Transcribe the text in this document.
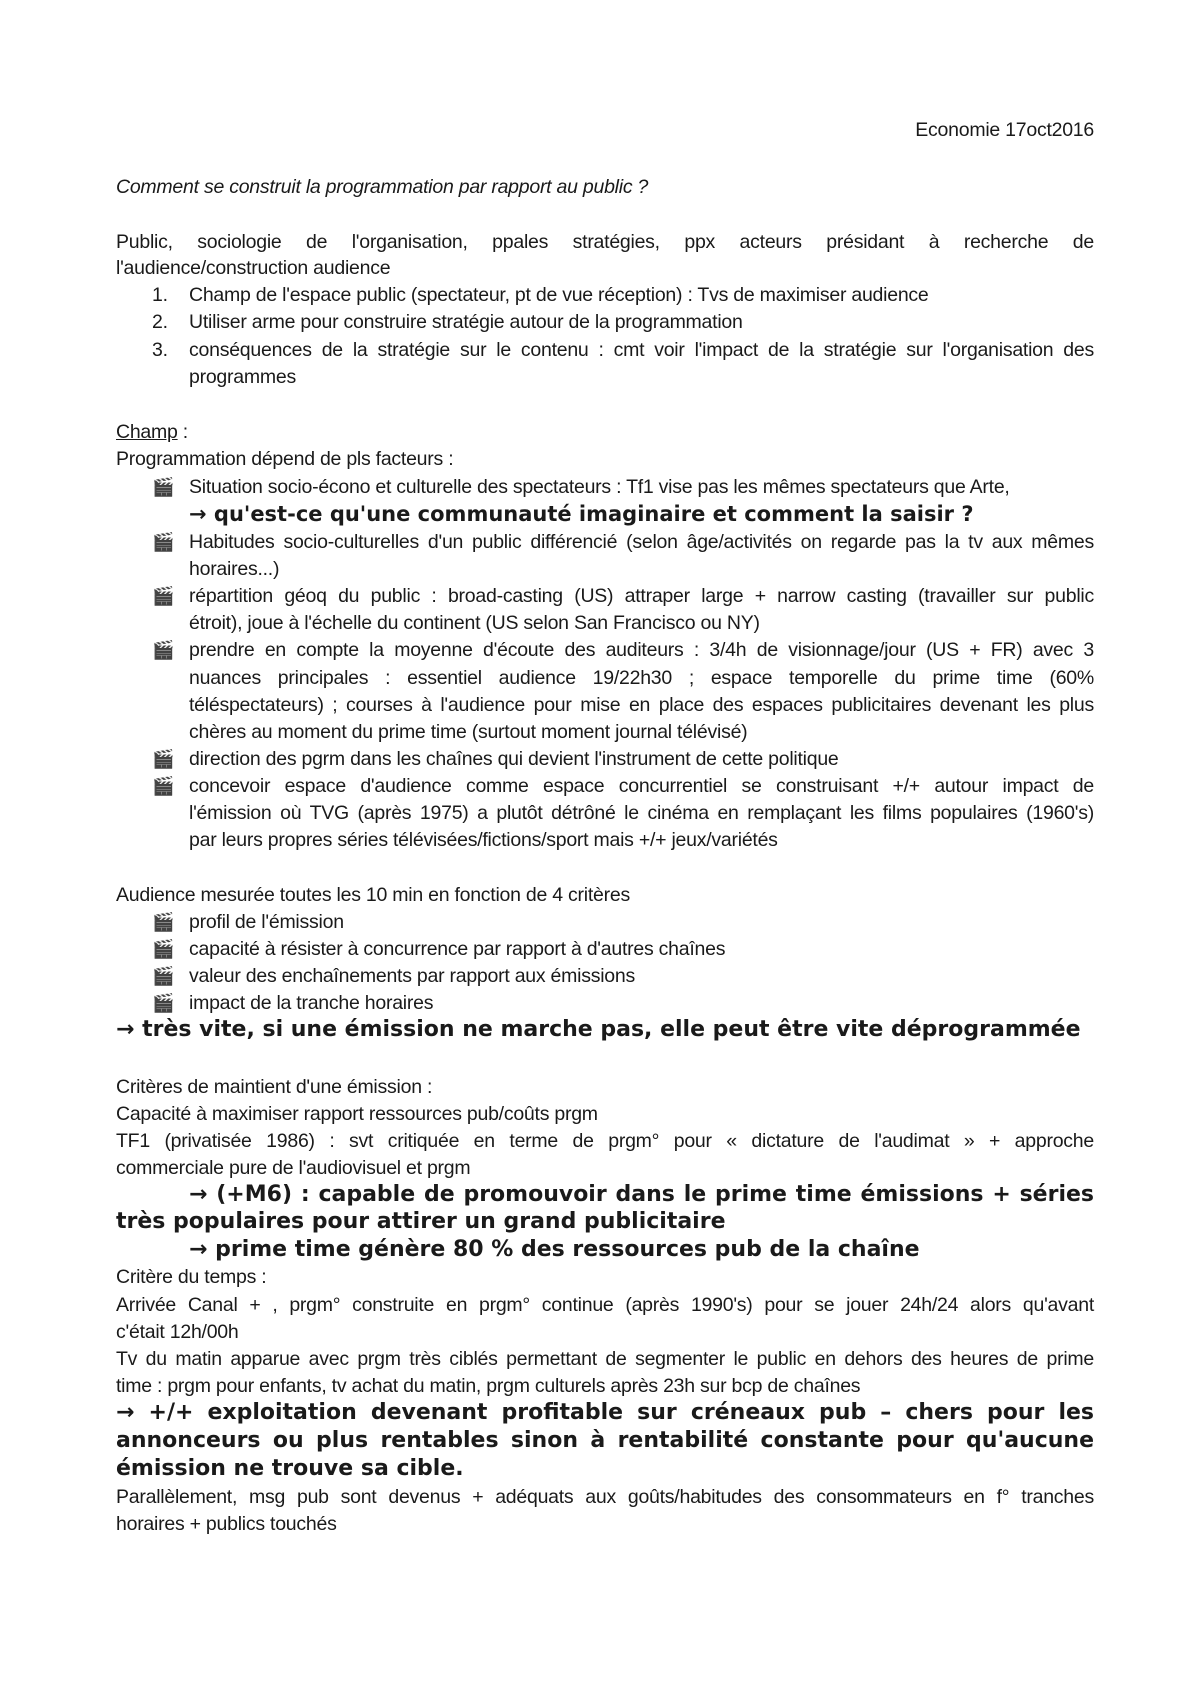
Economie 17oct2016
Comment se construit la programmation par rapport au public ?
Public, sociologie de l'organisation, ppales stratégies, ppx acteurs présidant à recherche de
l'audience/construction audience
1. Champ de l'espace public (spectateur, pt de vue réception) : Tvs de maximiser audience
2. Utiliser arme pour construire stratégie autour de la programmation
3. conséquences de la stratégie sur le contenu : cmt voir l'impact de la stratégie sur l'organisation des
programmes
Champ :
Programmation dépend de pls facteurs :
🎬 Situation socio-écono et culturelle des spectateurs : Tf1 vise pas les mêmes spectateurs que Arte,
→ qu'est-ce qu'une communauté imaginaire et comment la saisir ?
🎬 Habitudes socio-culturelles d'un public différencié (selon âge/activités on regarde pas la tv aux mêmes
horaires...)
🎬 répartition géoq du public : broad-casting (US) attraper large + narrow casting (travailler sur public
étroit), joue à l'échelle du continent (US selon San Francisco ou NY)
🎬 prendre en compte la moyenne d'écoute des auditeurs : 3/4h de visionnage/jour (US + FR) avec 3
nuances principales : essentiel audience 19/22h30 ; espace temporelle du prime time (60%
téléspectateurs) ; courses à l'audience pour mise en place des espaces publicitaires devenant les plus
chères au moment du prime time (surtout moment journal télévisé)
🎬 direction des pgrm dans les chaînes qui devient l'instrument de cette politique
🎬 concevoir espace d'audience comme espace concurrentiel se construisant +/+ autour impact de
l'émission où TVG (après 1975) a plutôt détrôné le cinéma en remplaçant les films populaires (1960's)
par leurs propres séries télévisées/fictions/sport mais +/+ jeux/variétés
Audience mesurée toutes les 10 min en fonction de 4 critères
🎬 profil de l'émission
🎬 capacité à résister à concurrence par rapport à d'autres chaînes
🎬 valeur des enchaînements par rapport aux émissions
🎬 impact de la tranche horaires
→ très vite, si une émission ne marche pas, elle peut être vite déprogrammée
Critères de maintient d'une émission :
Capacité à maximiser rapport ressources pub/coûts prgm
TF1 (privatisée 1986) : svt critiquée en terme de prgm° pour « dictature de l'audimat » + approche
commerciale pure de l'audiovisuel et prgm
→ (+M6) : capable de promouvoir dans le prime time émissions + séries
très populaires pour attirer un grand publicitaire
→ prime time génère 80 % des ressources pub de la chaîne
Critère du temps :
Arrivée Canal + , prgm° construite en prgm° continue (après 1990's) pour se jouer 24h/24 alors qu'avant
c'était 12h/00h
Tv du matin apparue avec prgm très ciblés permettant de segmenter le public en dehors des heures de prime
time : prgm pour enfants, tv achat du matin, prgm culturels après 23h sur bcp de chaînes
→ +/+ exploitation devenant profitable sur créneaux pub – chers pour les
annonceurs ou plus rentables sinon à rentabilité constante pour qu'aucune
émission ne trouve sa cible.
Parallèlement, msg pub sont devenus + adéquats aux goûts/habitudes des consommateurs en f° tranches
horaires + publics touchés
